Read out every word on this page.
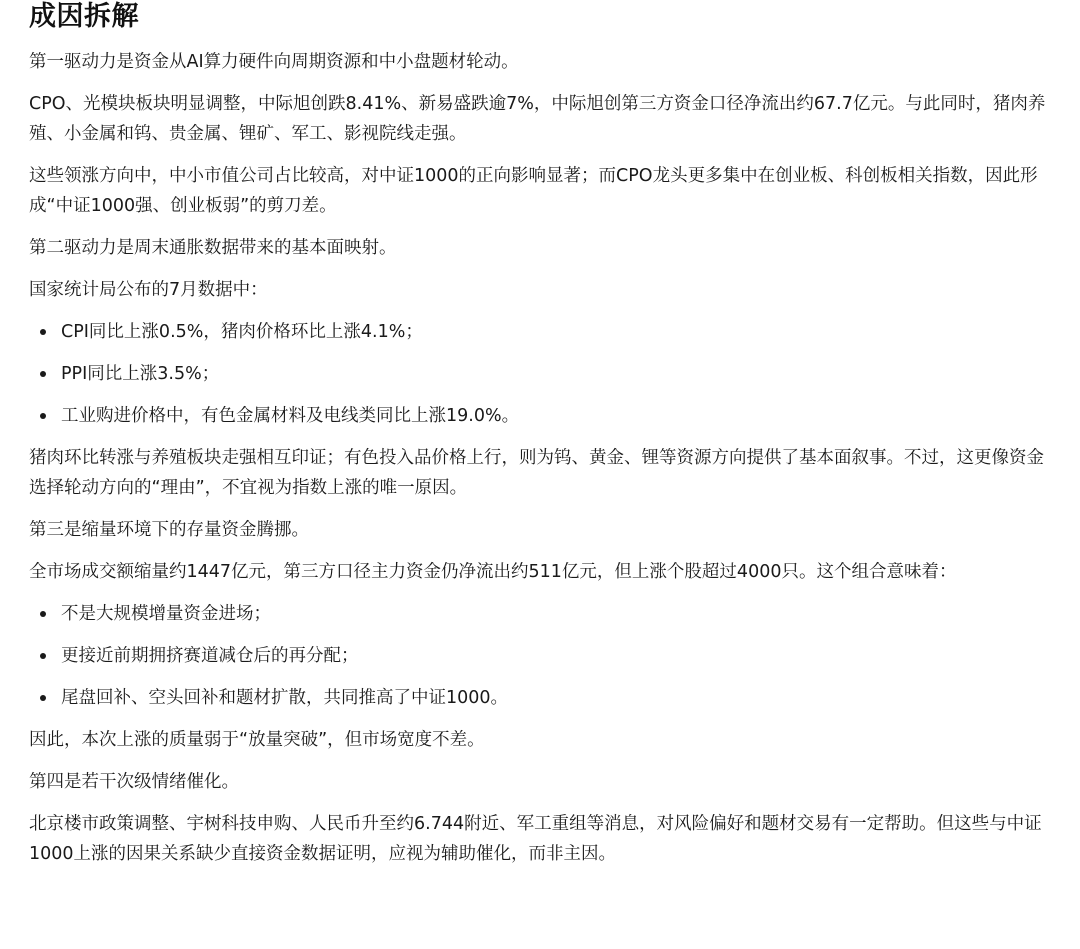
成因拆解

第一驱动力是资金从AI算力硬件向周期资源和中小盘题材轮动。

CPO、光模块板块明显调整，中际旭创跌8.41%、新易盛跌逾7%，中际旭创第三方资金口径净流出约67.7亿元。与此同时，猪肉养殖、小金属和钨、贵金属、锂矿、军工、影视院线走强。

这些领涨方向中，中小市值公司占比较高，对中证1000的正向影响显著；而CPO龙头更多集中在创业板、科创板相关指数，因此形成“中证1000强、创业板弱”的剪刀差。

第二驱动力是周末通胀数据带来的基本面映射。

国家统计局公布的7月数据中：

CPI同比上涨0.5%，猪肉价格环比上涨4.1%；
PPI同比上涨3.5%；
工业购进价格中，有色金属材料及电线类同比上涨19.0%。

猪肉环比转涨与养殖板块走强相互印证；有色投入品价格上行，则为钨、黄金、锂等资源方向提供了基本面叙事。不过，这更像资金选择轮动方向的“理由”，不宜视为指数上涨的唯一原因。

第三是缩量环境下的存量资金腾挪。

全市场成交额缩量约1447亿元，第三方口径主力资金仍净流出约511亿元，但上涨个股超过4000只。这个组合意味着：

不是大规模增量资金进场；
更接近前期拥挤赛道减仓后的再分配；
尾盘回补、空头回补和题材扩散，共同推高了中证1000。

因此，本次上涨的质量弱于“放量突破”，但市场宽度不差。

第四是若干次级情绪催化。

北京楼市政策调整、宇树科技申购、人民币升至约6.744附近、军工重组等消息，对风险偏好和题材交易有一定帮助。但这些与中证1000上涨的因果关系缺少直接资金数据证明，应视为辅助催化，而非主因。
